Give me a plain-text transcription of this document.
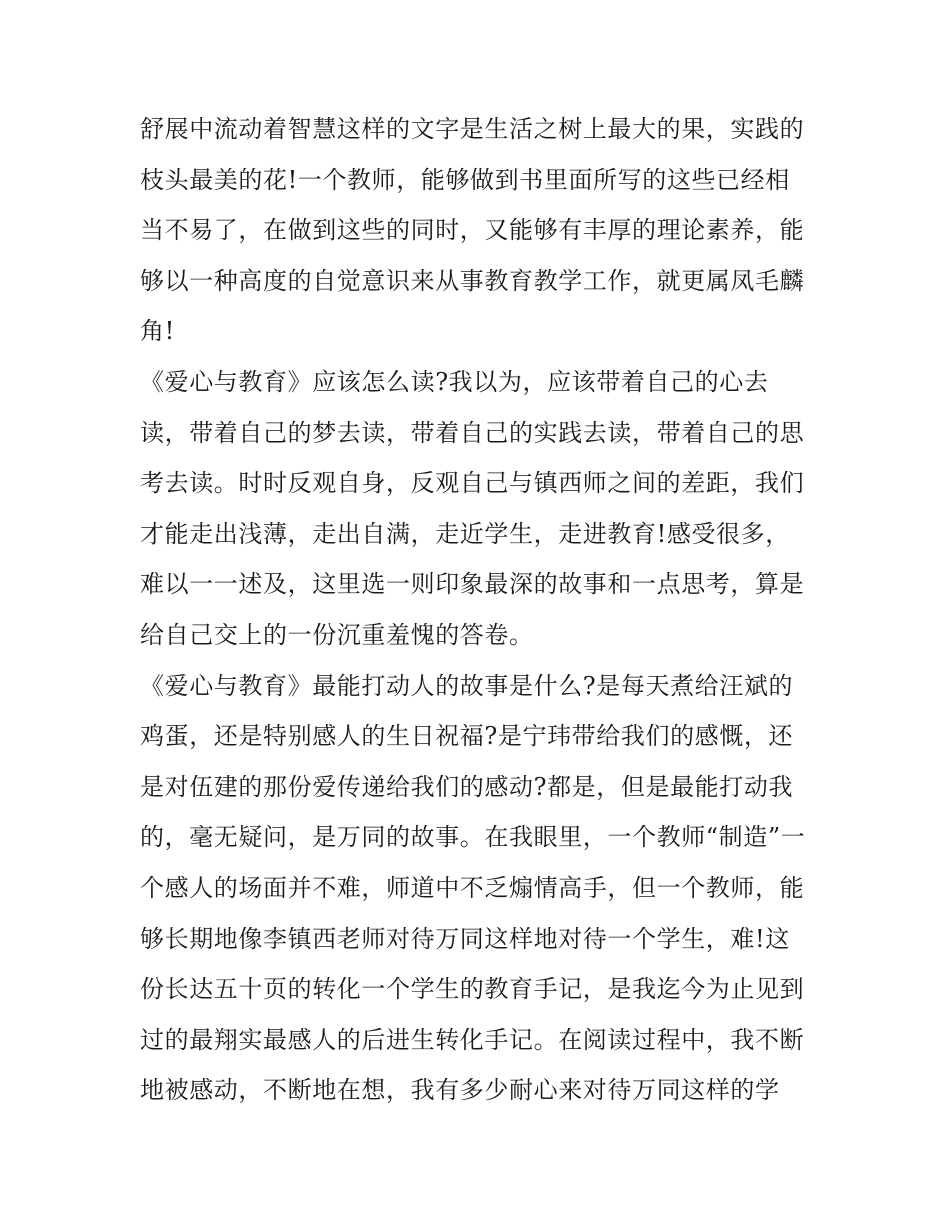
舒展中流动着智慧这样的文字是生活之树上最大的果，实践的
枝头最美的花!一个教师，能够做到书里面所写的这些已经相
当不易了，在做到这些的同时，又能够有丰厚的理论素养，能
够以一种高度的自觉意识来从事教育教学工作，就更属凤毛麟
角!
《爱心与教育》应该怎么读?我以为，应该带着自己的心去
读，带着自己的梦去读，带着自己的实践去读，带着自己的思
考去读。时时反观自身，反观自己与镇西师之间的差距，我们
才能走出浅薄，走出自满，走近学生，走进教育!感受很多，
难以一一述及，这里选一则印象最深的故事和一点思考，算是
给自己交上的一份沉重羞愧的答卷。
《爱心与教育》最能打动人的故事是什么?是每天煮给汪斌的
鸡蛋，还是特别感人的生日祝福?是宁玮带给我们的感慨，还
是对伍建的那份爱传递给我们的感动?都是，但是最能打动我
的，毫无疑问，是万同的故事。在我眼里，一个教师“制造”一
个感人的场面并不难，师道中不乏煽情高手，但一个教师，能
够长期地像李镇西老师对待万同这样地对待一个学生，难!这
份长达五十页的转化一个学生的教育手记，是我迄今为止见到
过的最翔实最感人的后进生转化手记。在阅读过程中，我不断
地被感动，不断地在想，我有多少耐心来对待万同这样的学
